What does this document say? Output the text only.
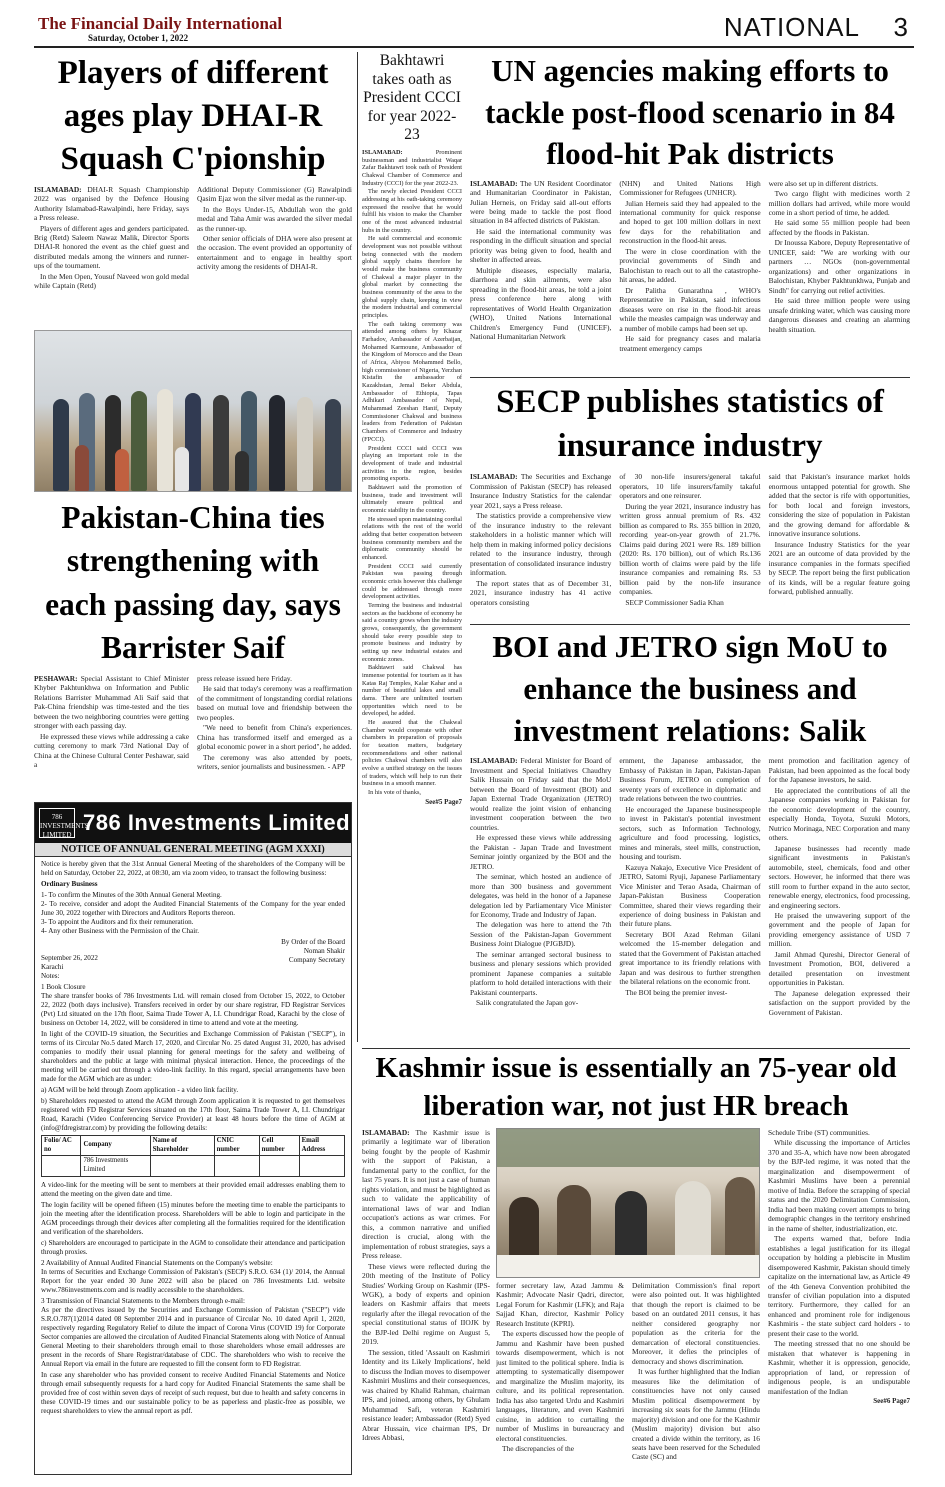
The Financial Daily International
Saturday, October 1, 2022	NATIONAL 3
Players of different ages play DHAI-R Squash C'pionship

ISLAMABAD: DHAI-R Squash Championship 2022 was organised by the Defence Housing Authority Islamabad-Rawalpindi, here Friday, says a Press release.

Players of different ages and genders participated. Brig (Retd) Saleem Nawaz Malik, Director Sports DHAI-R honored the event as the chief guest and distributed medals among the winners and runner-ups of the tournament.

In the Men Open, Yousuf Naveed won gold medal while Captain (Retd)

Additional Deputy Commissioner (G) Rawalpindi Qasim Ejaz won the silver medal as the runner-up.

In the Boys Under-15, Abdullah won the gold medal and Taha Amir was awarded the silver medal as the runner-up.

Other senior officials of DHA were also present at the occasion. The event provided an opportunity of entertainment and to engage in healthy sport activity among the residents of DHAI-R.

Bakhtawri takes oath as President CCCI for year 2022-23

ISLAMABAD: Prominent businessman and industrialist Waqar Zafar Bakhtawri took oath of President Chakwal Chamber of Commerce and Industry (CCCI) for the year 2022-23.

The newly elected President CCCI addressing at his oath-taking ceremony expressed the resolve that he would fulfill his vision to make the Chamber one of the most advanced industrial hubs in the country.

He said commercial and economic development was not possible without being connected with the modern global supply chains therefore he would make the business community of Chakwal a major player in the global market by connecting the business community of the area to the global supply chain, keeping in view the modern industrial and commercial principles.

The oath taking ceremony was attended among others by Khazar Farhadov, Ambassador of Azerbaijan, Mohamed Karmoune, Ambassador of the Kingdom of Morocco and the Dean of Africa, Abiyou Mohammed Bello, high commissioner of Nigeria, Yerzhan Kistafin the ambassador of Kazakhstan, Jemal Beker Abdula, Ambassador of Ethiopia, Tapas Adhikari Ambassador of Nepal, Muhammad Zeeshan Hanif, Deputy Commissioner Chakwal and business leaders from Federation of Pakistan Chambers of Commerce and Industry (FPCCI).

President CCCI said CCCI was playing an important role in the development of trade and industrial activities in the region, besides promoting exports.

Bakhtawri said the promotion of business, trade and investment will ultimately ensure political and economic stability in the country.

He stressed upon maintaining cordial relations with the rest of the world adding that better cooperation between business community members and the diplomatic community should be enhanced.

President CCCI said currently Pakistan was passing through economic crisis however this challenge could be addressed through more development activities.

Terming the business and industrial sectors as the backbone of economy he said a country grows when the industry grows, consequently, the government should take every possible step to promote business and industry by setting up new industrial estates and economic zones.

Bakhtawri said Chakwal has immense potential for tourism as it has Katas Raj Temples, Kalar Kahar and a number of beautiful lakes and small dams. There are unlimited tourism opportunities which need to be developed, he added.

He assured that the Chakwal Chamber would cooperate with other chambers in preparation of proposals for taxation matters, budgetary recommendations and other national policies Chakwal chambers will also evolve a unified strategy on the issues of traders, which will help to run their business in a smooth manner.

In his vote of thanks,

See#5 Page7
Pakistan-China ties strengthening with each passing day, says Barrister Saif

PESHAWAR: Special Assistant to Chief Minister Khyber Pakhtunkhwa on Information and Public Relations Barrister Muhammad Ali Saif said that Pak-China friendship was time-tested and the ties between the two neighboring countries were getting stronger with each passing day.

He expressed these views while addressing a cake cutting ceremony to mark 73rd National Day of China at the Chinese Cultural Center Peshawar, said a

press release issued here Friday.

He said that today's ceremony was a reaffirmation of the commitment of longstanding cordial relations based on mutual love and friendship between the two peoples.

"We need to benefit from China's experiences. China has transformed itself and emerged as a global economic power in a short period", he added.

The ceremony was also attended by poets, writers, senior journalists and businessmen. - APP

786 INVESTMENTS LIMITED 786 Investments Limited
NOTICE OF ANNUAL GENERAL MEETING (AGM XXXI)

Notice is hereby given that the 31st Annual General Meeting of the shareholders of the Company will be held on Saturday, October 22, 2022, at 08:30, am via zoom video, to transact the following business:

Ordinary Business

1- To confirm the Minutes of the 30th Annual General Meeting.

2- To receive, consider and adopt the Audited Financial Statements of the Company for the year ended June 30, 2022 together with Directors and Auditors Reports thereon.

3- To appoint the Auditors and fix their remuneration.

4- Any other Business with the Permission of the Chair.

September 26, 2022
Karachi
By Order of the Board
Noman Shakir
Company Secretary

Notes:

1 Book Closure

The share transfer books of 786 Investments Ltd. will remain closed from October 15, 2022, to October 22, 2022 (both days inclusive). Transfers received in order by our share registrar, FD Registrar Services (Pvt) Ltd situated on the 17th floor, Saima Trade Tower A, I.I. Chundrigar Road, Karachi by the close of business on October 14, 2022, will be considered in time to attend and vote at the meeting.

In light of the COVID-19 situation, the Securities and Exchange Commission of Pakistan ("SECP"), in terms of its Circular No.5 dated March 17, 2020, and Circular No. 25 dated August 31, 2020, has advised companies to modify their usual planning for general meetings for the safety and wellbeing of shareholders and the public at large with minimal physical interaction. Hence, the proceedings of the meeting will be carried out through a video-link facility. In this regard, special arrangements have been made for the AGM which are as under:

a) AGM will be held through Zoom application - a video link facility.

b) Shareholders requested to attend the AGM through Zoom application it is requested to get themselves registered with FD Registrar Services situated on the 17th floor, Saima Trade Tower A, I.I. Chundrigar Road, Karachi (Video Conferencing Service Provider) at least 48 hours before the time of AGM at (info@fdregistrar.com) by providing the following details:

Folio/ AC no	Company	Name of Shareholder	CNIC number	Cell number	Email Address
	786 Investments Limited				

A video-link for the meeting will be sent to members at their provided email addresses enabling them to attend the meeting on the given date and time.

The login facility will be opened fifteen (15) minutes before the meeting time to enable the participants to join the meeting after the identification process. Shareholders will be able to login and participate in the AGM proceedings through their devices after completing all the formalities required for the identification and verification of the shareholders.

c) Shareholders are encouraged to participate in the AGM to consolidate their attendance and participation through proxies.

2 Availability of Annual Audited Financial Statements on the Company's website:

In terms of Securities and Exchange Commission of Pakistan's (SECP) S.R.O. 634 (1)/ 2014, the Annual Report for the year ended 30 June 2022 will also be placed on 786 Investments Ltd. website www.786investments.com and is readily accessible to the shareholders.

3 Transmission of Financial Statements to the Members through e-mail:

As per the directives issued by the Securities and Exchange Commission of Pakistan ("SECP") vide S.R.O.787(1)2014 dated 08 September 2014 and in pursuance of Circular No. 10 dated April 1, 2020, respectively regarding Regulatory Relief to dilute the impact of Corona Virus (COVID 19) for Corporate Sector companies are allowed the circulation of Audited Financial Statements along with Notice of Annual General Meeting to their shareholders through email to those shareholders whose email addresses are present in the records of Share Registrar/database of CDC. The shareholders who wish to receive the Annual Report via email in the future are requested to fill the consent form to FD Registrar.

In case any shareholder who has provided consent to receive Audited Financial Statements and Notice through email subsequently requests for a hard copy for Audited Financial Statements the same shall be provided free of cost within seven days of receipt of such request, but due to health and safety concerns in these COVID-19 times and our sustainable policy to be as paperless and plastic-free as possible, we request shareholders to view the annual report as pdf.

UN agencies making efforts to tackle post-flood scenario in 84 flood-hit Pak districts

ISLAMABAD: The UN Resident Coordinator and Humanitarian Coordinator in Pakistan, Julian Herneis, on Friday said all-out efforts were being made to tackle the post flood situation in 84 affected districts of Pakistan.

He said the international community was responding in the difficult situation and special priority was being given to food, health and shelter in affected areas.

Multiple diseases, especially malaria, diarrhoea and skin ailments, were also spreading in the flood-hit areas, he told a joint press conference here along with representatives of World Health Organization (WHO), United Nations International Children's Emergency Fund (UNICEF), National Humanitarian Network

(NHN) and United Nations High Commissioner for Refugees (UNHCR).

Julian Herneis said they had appealed to the international community for quick response and hoped to get 100 million dollars in next few days for the rehabilitation and reconstruction in the flood-hit areas.

The were in close coordination with the provincial governments of Sindh and Balochistan to reach out to all the catastrophe-hit areas, he added.

Dr Palitha Gunarathna , WHO's Representative in Pakistan, said infectious diseases were on rise in the flood-hit areas while the measles campaign was underway and a number of mobile camps had been set up.

He said for pregnancy cases and malaria treatment emergency camps

were also set up in different districts.

Two cargo flight with medicines worth 2 million dollars had arrived, while more would come in a short period of time, he added.

He said some 55 million people had been affected by the floods in Pakistan.

Dr Inoussa Kabore, Deputy Representative of UNICEF, said: "We are working with our partners … NGOs (non-governmental organizations) and other organizations in Balochistan, Khyber Pakhtunkhwa, Punjab and Sindh" for carrying out relief activities.

He said three million people were using unsafe drinking water, which was causing more dangerous diseases and creating an alarming health situation.

SECP publishes statistics of insurance industry

ISLAMABAD: The Securities and Exchange Commission of Pakistan (SECP) has released Insurance Industry Statistics for the calendar year 2021, says a Press release.

The statistics provide a comprehensive view of the insurance industry to the relevant stakeholders in a holistic manner which will help them in making informed policy decisions related to the insurance industry, through presentation of consolidated insurance industry information.

The report states that as of December 31, 2021, insurance industry has 41 active operators consisting

of 30 non-life insurers/general takaful operators, 10 life insurers/family takaful operators and one reinsurer.

During the year 2021, insurance industry has written gross annual premium of Rs. 432 billion as compared to Rs. 355 billion in 2020, recording year-on-year growth of 21.7%. Claims paid during 2021 were Rs. 189 billion (2020: Rs. 170 billion), out of which Rs.136 billion worth of claims were paid by the life insurance companies and remaining Rs. 53 billion paid by the non-life insurance companies.

SECP Commissioner Sadia Khan

said that Pakistan's insurance market holds enormous untapped potential for growth. She added that the sector is rife with opportunities, for both local and foreign investors, considering the size of population in Pakistan and the growing demand for affordable & innovative insurance solutions.

Insurance Industry Statistics for the year 2021 are an outcome of data provided by the insurance companies in the formats specified by SECP. The report being the first publication of its kinds, will be a regular feature going forward, published annually.

BOI and JETRO sign MoU to enhance the business and investment relations: Salik

ISLAMABAD: Federal Minister for Board of Investment and Special Initiatives Chaudhry Salik Hussain on Friday said that the MoU between the Board of Investment (BOI) and Japan External Trade Organization (JETRO) would realize the joint vision of enhancing investment cooperation between the two countries.

He expressed these views while addressing the Pakistan - Japan Trade and Investment Seminar jointly organized by the BOI and the JETRO.

The seminar, which hosted an audience of more than 300 business and government delegates, was held in the honor of a Japanese delegation led by Parliamentary Vice Minister for Economy, Trade and Industry of Japan.

The delegation was here to attend the 7th Session of the Pakistan-Japan Government Business Joint Dialogue (PJGBJD).

The seminar arranged sectoral business to business and plenary sessions which provided prominent Japanese companies a suitable platform to hold detailed interactions with their Pakistani counterparts.

Salik congratulated the Japan gov-

ernment, the Japanese ambassador, the Embassy of Pakistan in Japan, Pakistan-Japan Business Forum, JETRO on completion of seventy years of excellence in diplomatic and trade relations between the two countries.

He encouraged the Japanese businesspeople to invest in Pakistan's potential investment sectors, such as Information Technology, agriculture and food processing, logistics, mines and minerals, steel mills, construction, housing and tourism.

Kazuya Nakajo, Executive Vice President of JETRO, Satomi Ryuji, Japanese Parliamentary Vice Minister and Terao Asada, Chairman of Japan-Pakistan Business Cooperation Committee, shared their views regarding their experience of doing business in Pakistan and their future plans.

Secretary BOI Azad Rehman Gilani welcomed the 15-member delegation and stated that the Government of Pakistan attached great importance to its friendly relations with Japan and was desirous to further strengthen the bilateral relations on the economic front.

The BOI being the premier invest-

ment promotion and facilitation agency of Pakistan, had been appointed as the focal body for the Japanese investors, he said.

He appreciated the contributions of all the Japanese companies working in Pakistan for the economic development of the country, especially Honda, Toyota, Suzuki Motors, Nutrico Morinaga, NEC Corporation and many others.

Japanese businesses had recently made significant investments in Pakistan's automobile, steel, chemicals, food and other sectors. However, he informed that there was still room to further expand in the auto sector, renewable energy, electronics, food processing, and engineering sectors.

He praised the unwavering support of the government and the people of Japan for providing emergency assistance of USD 7 million.

Jamil Ahmad Qureshi, Director General of Investment Promotion, BOI, delivered a detailed presentation on investment opportunities in Pakistan.

The Japanese delegation expressed their satisfaction on the support provided by the Government of Pakistan.

Kashmir issue is essentially an 75-year old liberation war, not just HR breach

ISLAMABAD: The Kashmir issue is primarily a legitimate war of liberation being fought by the people of Kashmir with the support of Pakistan, a fundamental party to the conflict, for the last 75 years. It is not just a case of human rights violation, and must be highlighted as such to validate the applicability of international laws of war and Indian occupation's actions as war crimes. For this, a common narrative and unified direction is crucial, along with the implementation of robust strategies, says a Press release.

These views were reflected during the 20th meeting of the Institute of Policy Studies' Working Group on Kashmir (IPS-WGK), a body of experts and opinion leaders on Kashmir affairs that meets regularly after the illegal revocation of the special constitutional status of IIOJK by the BJP-led Delhi regime on August 5, 2019.

The session, titled 'Assault on Kashmiri Identity and its Likely Implications', held to discuss the Indian moves to disempower Kashmiri Muslims and their consequences, was chaired by Khalid Rahman, chairman IPS, and joined, among others, by Ghulam Muhammad Safi, veteran Kashmiri resistance leader; Ambassador (Retd) Syed Abrar Hussain, vice chairman IPS, Dr Idrees Abbasi,

former secretary law, Azad Jammu & Kashmir; Advocate Nasir Qadri, director, Legal Forum for Kashmir (LFK); and Raja Sajjad Khan, director, Kashmir Policy Research Institute (KPRI).

The experts discussed how the people of Jammu and Kashmir have been pushed towards disempowerment, which is not just limited to the political sphere. India is attempting to systematically disempower and marginalize the Muslim majority, its culture, and its political representation. India has also targeted Urdu and Kashmiri languages, literature, and even Kashmiri cuisine, in addition to curtailing the number of Muslims in bureaucracy and electoral constituencies.

The discrepancies of the

Delimitation Commission's final report were also pointed out. It was highlighted that though the report is claimed to be based on an outdated 2011 census, it has neither considered geography nor population as the criteria for the demarcation of electoral constituencies. Moreover, it defies the principles of democracy and shows discrimination.

It was further highlighted that the Indian measures like the delimitation of constituencies have not only caused Muslim political disempowerment by increasing six seats for the Jammu (Hindu majority) division and one for the Kashmir (Muslim majority) division but also created a divide within the territory, as 16 seats have been reserved for the Scheduled Caste (SC) and

Schedule Tribe (ST) communities.

While discussing the importance of Articles 370 and 35-A, which have now been abrogated by the BJP-led regime, it was noted that the marginalization and disempowerment of Kashmiri Muslims have been a perennial motive of India. Before the scrapping of special status and the 2020 Delimitation Commission, India had been making covert attempts to bring demographic changes in the territory enshrined in the name of shelter, industrialization, etc.

The experts warned that, before India establishes a legal justification for its illegal occupation by holding a plebiscite in Muslim disempowered Kashmir, Pakistan should timely capitalize on the international law, as Article 49 of the 4th Geneva Convention prohibited the transfer of civilian population into a disputed territory. Furthermore, they called for an enhanced and prominent role for indigenous Kashmiris - the state subject card holders - to present their case to the world.

The meeting stressed that no one should be mistaken that whatever is happening in Kashmir, whether it is oppression, genocide, appropriation of land, or repression of indigenous people, is an undisputable manifestation of the Indian

See#6 Page7
